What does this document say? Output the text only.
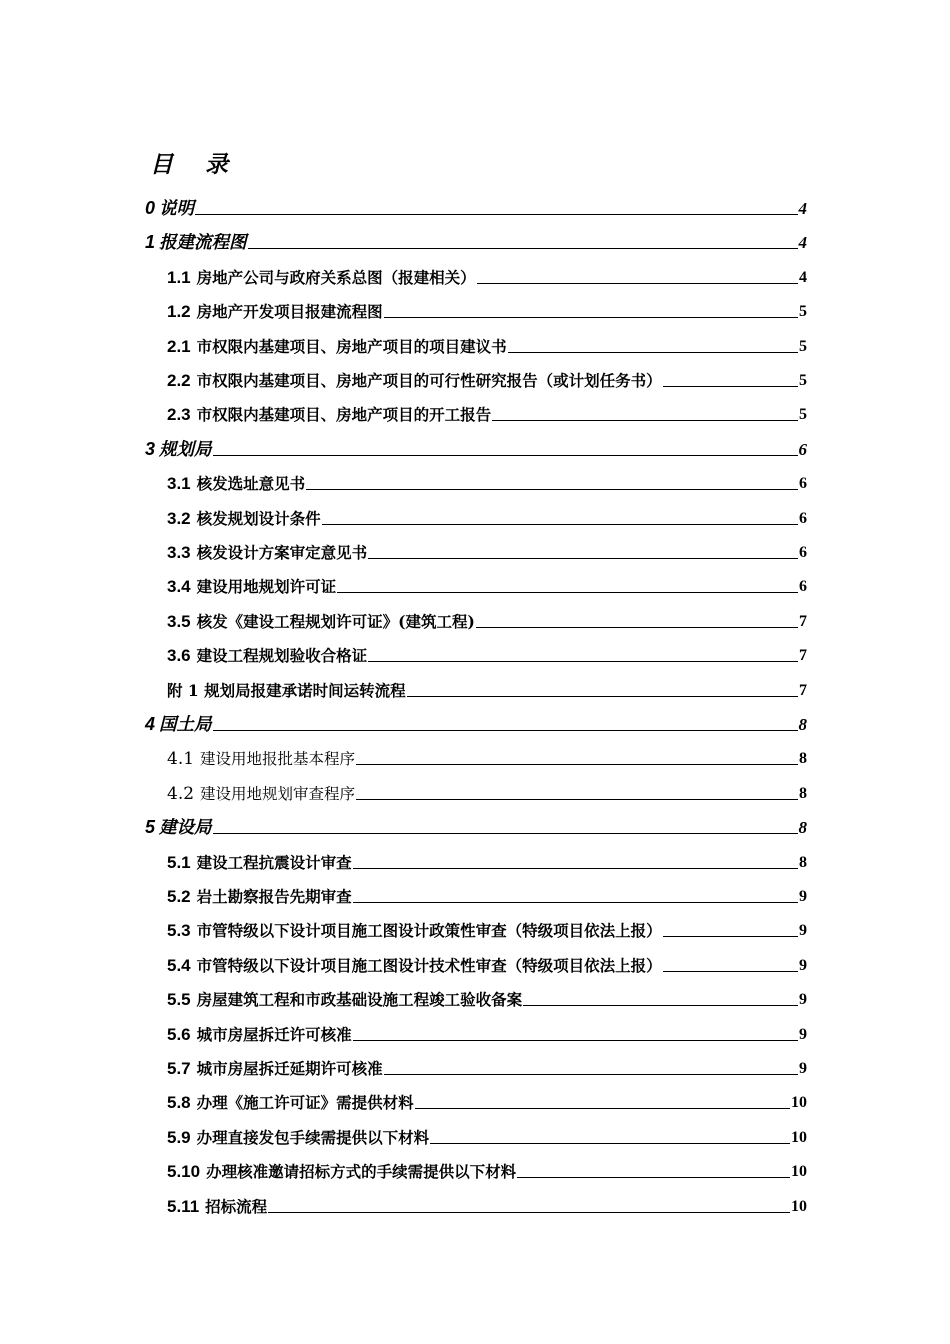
目 录
0 说明	4
1 报建流程图	4
1.1 房地产公司与政府关系总图（报建相关）	4
1.2 房地产开发项目报建流程图	5
2.1 市权限内基建项目、房地产项目的项目建议书	5
2.2 市权限内基建项目、房地产项目的可行性研究报告（或计划任务书）	5
2.3 市权限内基建项目、房地产项目的开工报告	5
3 规划局	6
3.1 核发选址意见书	6
3.2 核发规划设计条件	6
3.3 核发设计方案审定意见书	6
3.4 建设用地规划许可证	6
3.5 核发《建设工程规划许可证》(建筑工程)	7
3.6 建设工程规划验收合格证	7
附 1 规划局报建承诺时间运转流程	7
4 国土局	8
4.1 建设用地报批基本程序	8
4.2 建设用地规划审查程序	8
5 建设局	8
5.1 建设工程抗震设计审查	8
5.2 岩土勘察报告先期审查	9
5.3 市管特级以下设计项目施工图设计政策性审查（特级项目依法上报）	9
5.4 市管特级以下设计项目施工图设计技术性审查（特级项目依法上报）	9
5.5 房屋建筑工程和市政基础设施工程竣工验收备案	9
5.6 城市房屋拆迁许可核准	9
5.7 城市房屋拆迁延期许可核准	9
5.8 办理《施工许可证》需提供材料	10
5.9 办理直接发包手续需提供以下材料	10
5.10 办理核准邀请招标方式的手续需提供以下材料	10
5.11 招标流程	10
